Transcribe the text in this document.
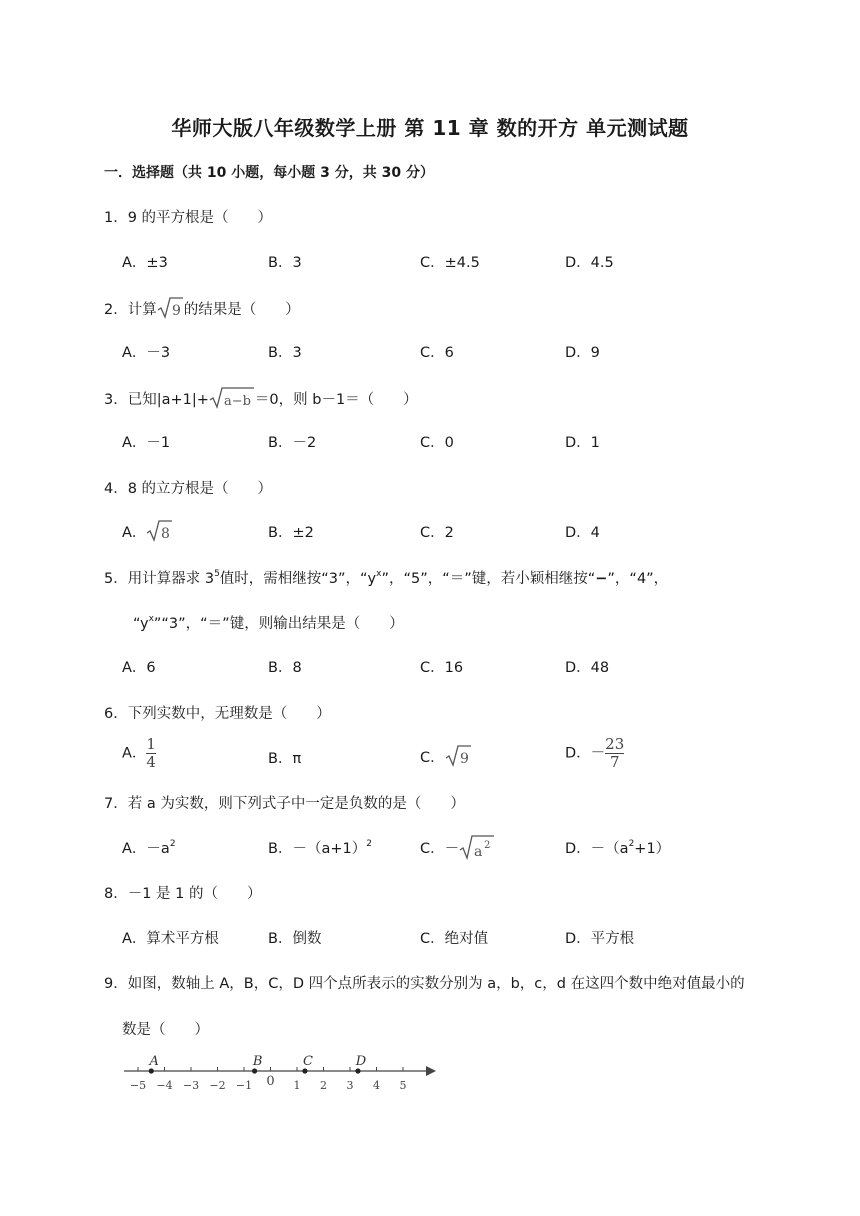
华师大版八年级数学上册 第 11 章 数的开方 单元测试题
一．选择题（共 10 小题，每小题 3 分，共 30 分）
1．9 的平方根是（　　）
A．±3	B．3	C．±4.5	D．4.5
2．计算 9 的结果是（　　）
A．－3	B．3	C．6	D．9
3．已知|a+1|+ a−b ＝0，则 b－1＝（　　）
A．－1	B．－2	C．0	D．1
4．8 的立方根是（　　）
A． 8	B．±2	C．2	D．4
5．用计算器求 $3^5$值时，需相继按“3”，“$y^x$”，“5”，“＝”键，若小颖相继按“−”，“4”，
“$y^x”“3$”，“＝”键，则输出结果是（　　）
A．6	B．8	C．16	D．48
6．下列实数中，无理数是（　　）
A． $\frac{1}{4}$	B．π	C． 9	D．－ $\frac{23}{7}$
7．若 a 为实数，则下列式子中一定是负数的是（　　）
A．$-a^2$	B．$-(a+1)^2$	C．－ a 2	D．$-(a^2+1)$
8．－1 是 1 的（　　）
A．算术平方根	B．倒数	C．绝对值	D．平方根
9．如图，数轴上 A，B，C，D 四个点所表示的实数分别为 a，b，c，d 在这四个数中绝对值最小的
数是（　　）
−5 −4 −3 −2 −1 0 1 2 3 4 5
A	B	C	D
